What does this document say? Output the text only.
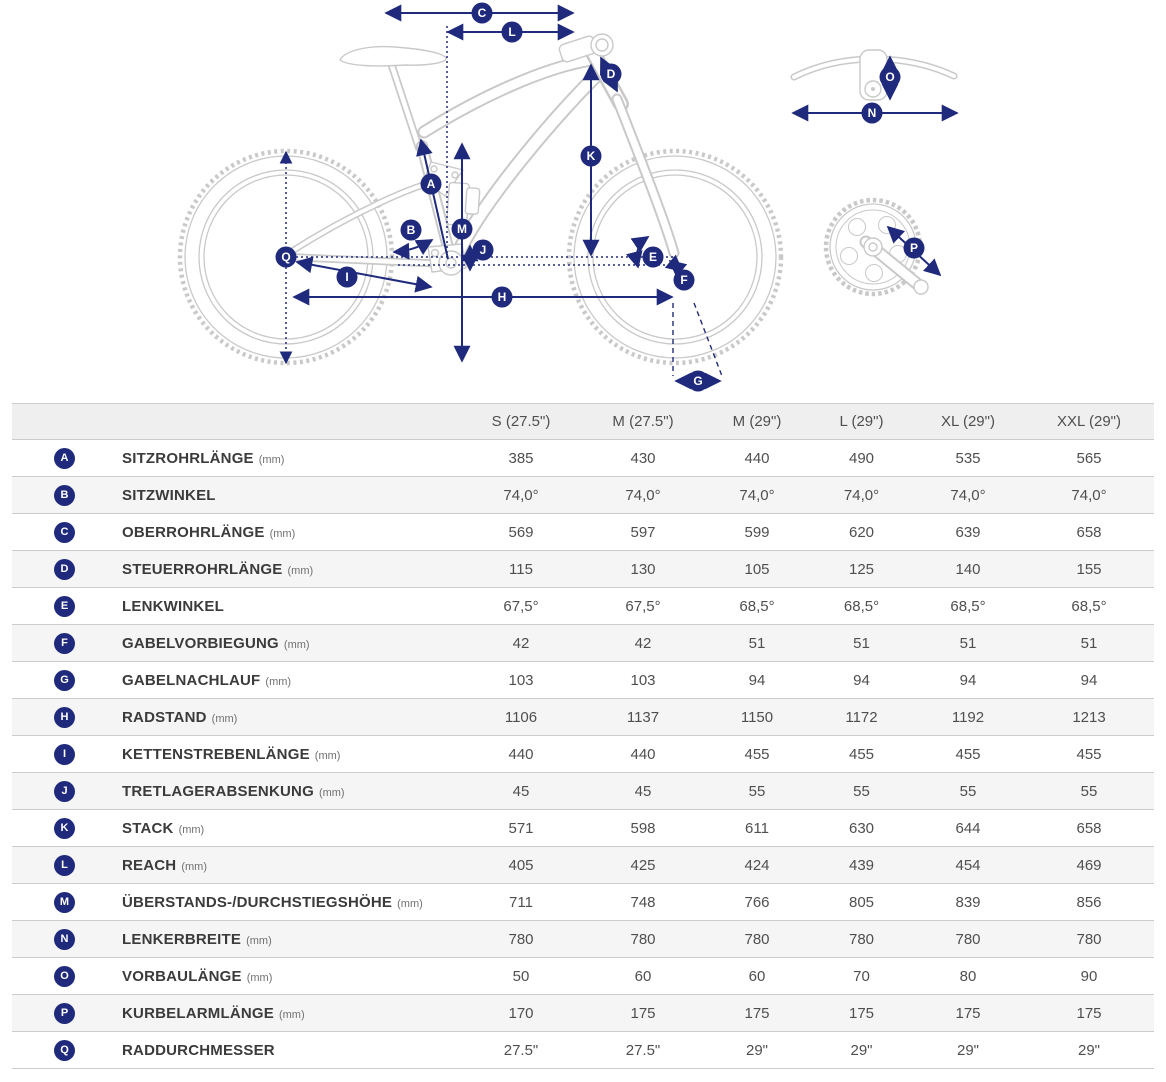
A
B
C
D
E
F
G
H
I
J
K
L
M
N
O
P
Q
S (27.5")	M (27.5")	M (29")	L (29")	XL (29")	XXL (29")
A	SITZROHRLÄNGE (mm)	385	430	440	490	535	565
B	SITZWINKEL	74,0°	74,0°	74,0°	74,0°	74,0°	74,0°
C	OBERROHRLÄNGE (mm)	569	597	599	620	639	658
D	STEUERROHRLÄNGE (mm)	115	130	105	125	140	155
E	LENKWINKEL	67,5°	67,5°	68,5°	68,5°	68,5°	68,5°
F	GABELVORBIEGUNG (mm)	42	42	51	51	51	51
G	GABELNACHLAUF (mm)	103	103	94	94	94	94
H	RADSTAND (mm)	1106	1137	1150	1172	1192	1213
I	KETTENSTREBENLÄNGE (mm)	440	440	455	455	455	455
J	TRETLAGERABSENKUNG (mm)	45	45	55	55	55	55
K	STACK (mm)	571	598	611	630	644	658
L	REACH (mm)	405	425	424	439	454	469
M	ÜBERSTANDS-/DURCHSTIEGSHÖHE (mm)	711	748	766	805	839	856
N	LENKERBREITE (mm)	780	780	780	780	780	780
O	VORBAULÄNGE (mm)	50	60	60	70	80	90
P	KURBELARMLÄNGE (mm)	170	175	175	175	175	175
Q	RADDURCHMESSER	27.5"	27.5"	29"	29"	29"	29"
